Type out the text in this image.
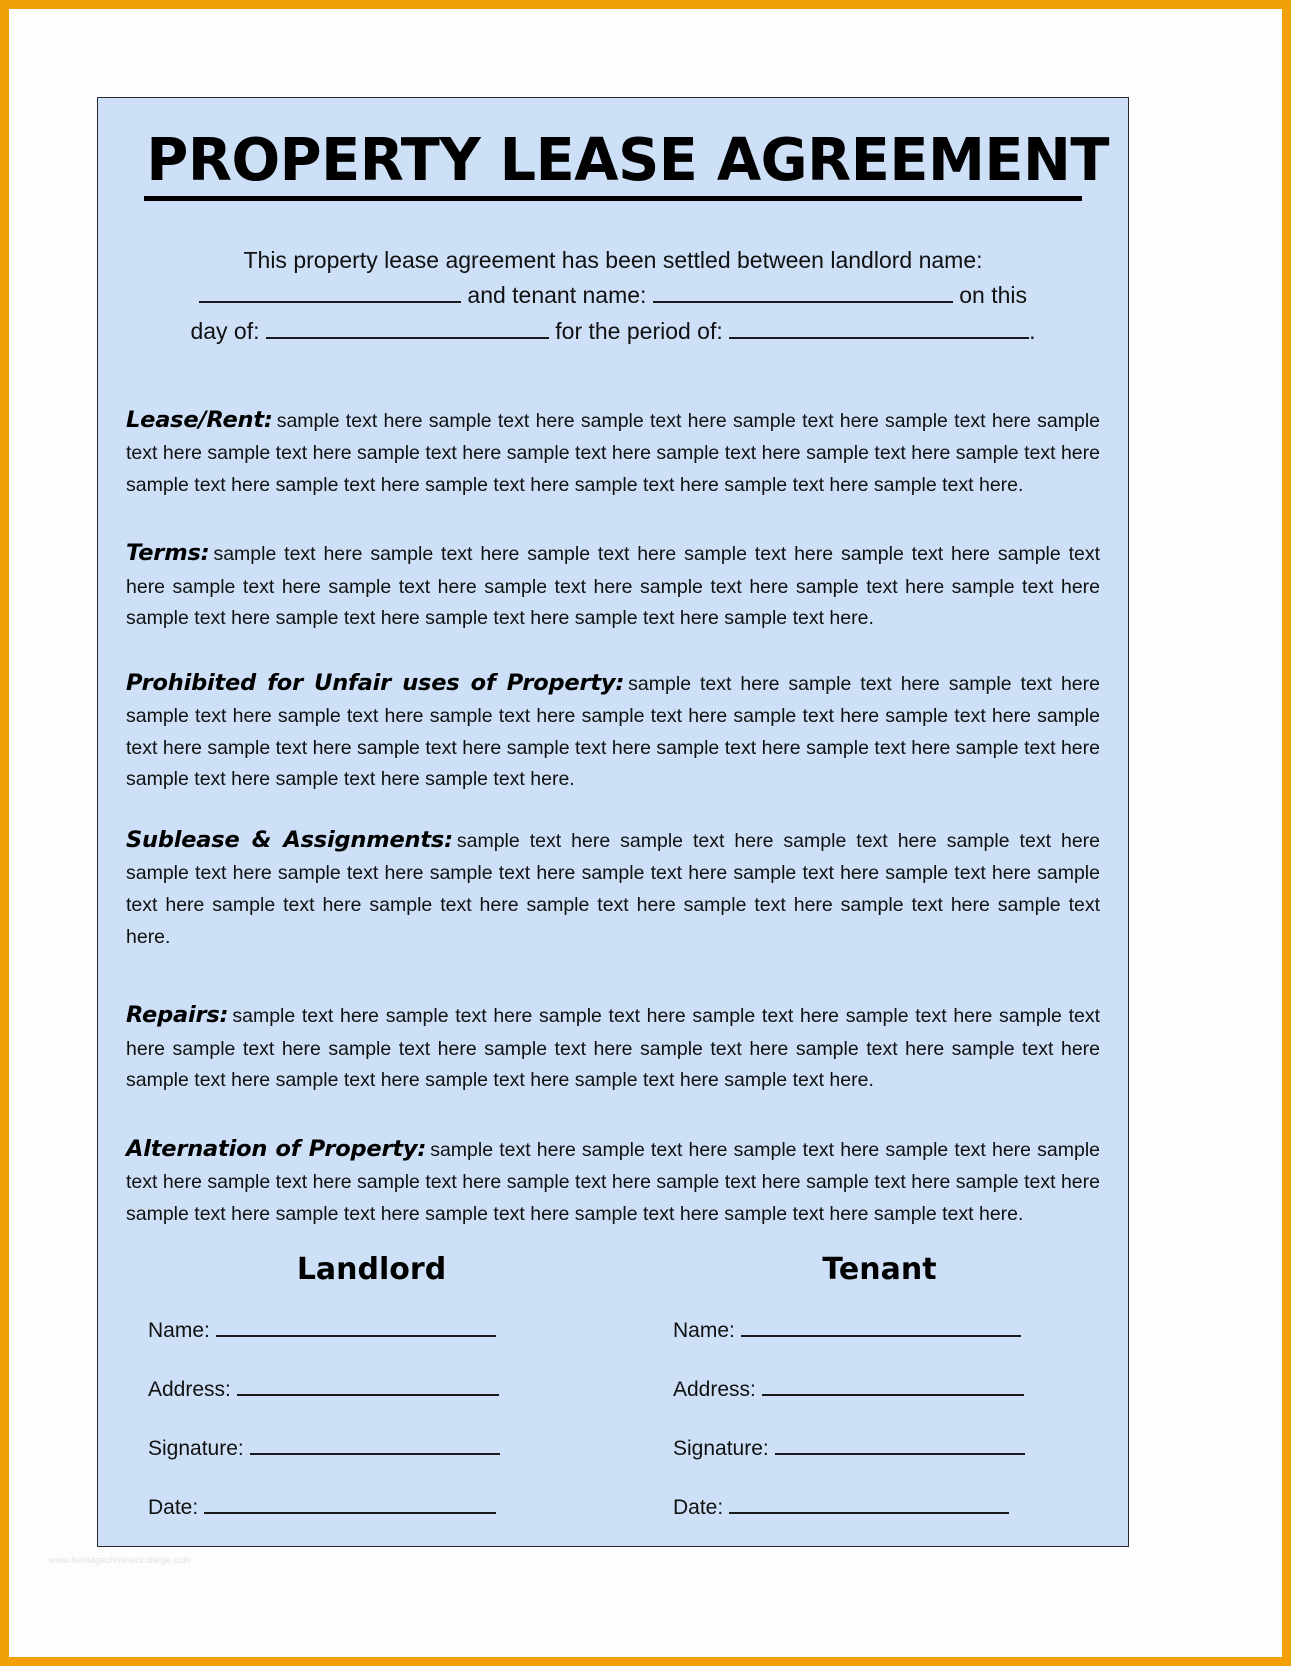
PROPERTY LEASE AGREEMENT
This property lease agreement has been settled between landlord name:
and tenant name:	on this
day of:	for the period of:	.

Lease/Rent: sample text here sample text here sample text here sample text here sample text here sample text here sample text here sample text here sample text here sample text here sample text here sample text here sample text here sample text here sample text here sample text here sample text here sample text here.

Terms: sample text here sample text here sample text here sample text here sample text here sample text here sample text here sample text here sample text here sample text here sample text here sample text here sample text here sample text here sample text here sample text here sample text here.

Prohibited for Unfair uses of Property: sample text here sample text here sample text here sample text here sample text here sample text here sample text here sample text here sample text here sample text here sample text here sample text here sample text here sample text here sample text here sample text here sample text here sample text here sample text here.

Sublease & Assignments: sample text here sample text here sample text here sample text here sample text here sample text here sample text here sample text here sample text here sample text here sample text here sample text here sample text here sample text here sample text here sample text here sample text here.

Repairs: sample text here sample text here sample text here sample text here sample text here sample text here sample text here sample text here sample text here sample text here sample text here sample text here sample text here sample text here sample text here sample text here sample text here.

Alternation of Property: sample text here sample text here sample text here sample text here sample text here sample text here sample text here sample text here sample text here sample text here sample text here sample text here sample text here sample text here sample text here sample text here sample text here.

Landlord
Name:
Address:
Signature:
Date:
Tenant
Name:
Address:
Signature:
Date:
www.heritagechristiancollege.com
